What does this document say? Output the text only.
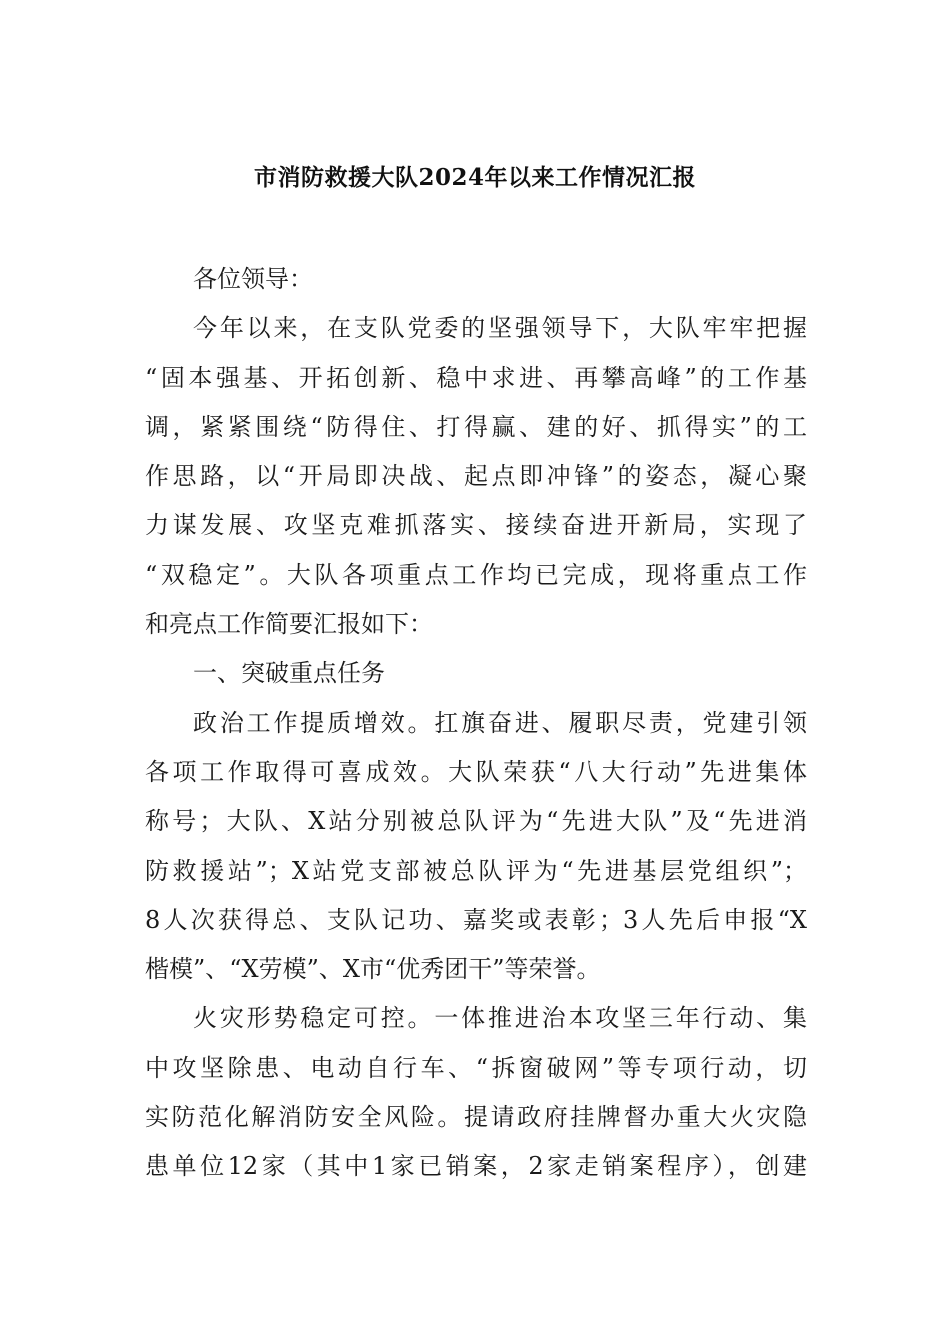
市消防救援大队2024年以来工作情况汇报
各位领导：
今年以来，在支队党委的坚强领导下，大队牢牢把握
“固本强基、开拓创新、稳中求进、再攀高峰”的工作基
调，紧紧围绕“防得住、打得赢、建的好、抓得实”的工
作思路，以“开局即决战、起点即冲锋”的姿态，凝心聚
力谋发展、攻坚克难抓落实、接续奋进开新局，实现了
“双稳定”。大队各项重点工作均已完成，现将重点工作
和亮点工作简要汇报如下：
一、突破重点任务
政治工作提质增效。扛旗奋进、履职尽责，党建引领
各项工作取得可喜成效。大队荣获“八大行动”先进集体
称号；大队、X站分别被总队评为“先进大队”及“先进消
防救援站”；X站党支部被总队评为“先进基层党组织”；
8人次获得总、支队记功、嘉奖或表彰；3人先后申报“X
楷模”、“X劳模”、X市“优秀团干”等荣誉。
火灾形势稳定可控。一体推进治本攻坚三年行动、集
中攻坚除患、电动自行车、“拆窗破网”等专项行动，切
实防范化解消防安全风险。提请政府挂牌督办重大火灾隐
患单位12家（其中1家已销案，2家走销案程序），创建
